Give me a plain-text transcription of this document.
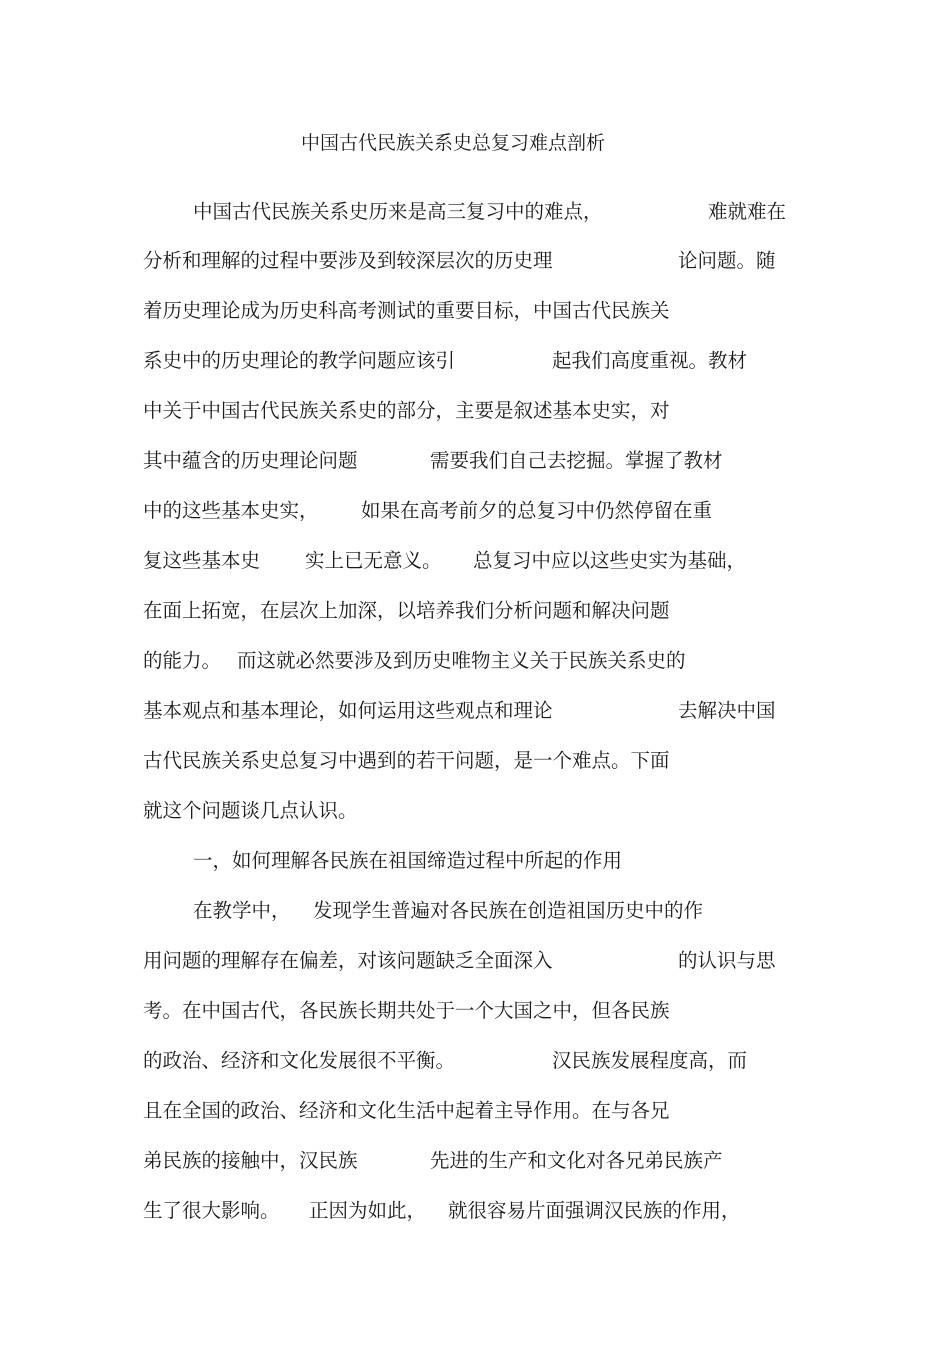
中国古代民族关系史总复习难点剖析
中国古代民族关系史历来是高三复习中的难点，	难就难在
分析和理解的过程中要涉及到较深层次的历史理	论问题。随
着历史理论成为历史科高考测试的重要目标，中国古代民族关
系史中的历史理论的教学问题应该引	起我们高度重视。教材
中关于中国古代民族关系史的部分，主要是叙述基本史实，对
其中蕴含的历史理论问题	需要我们自己去挖掘。掌握了教材
中的这些基本史实， 如果在高考前夕的总复习中仍然停留在重
复这些基本史 实上已无意义。 总复习中应以这些史实为基础，
在面上拓宽，在层次上加深，以培养我们分析问题和解决问题
的能力。 而这就必然要涉及到历史唯物主义关于民族关系史的
基本观点和基本理论，如何运用这些观点和理论	去解决中国
古代民族关系史总复习中遇到的若干问题，是一个难点。下面
就这个问题谈几点认识。
一，如何理解各民族在祖国缔造过程中所起的作用
在教学中， 发现学生普遍对各民族在创造祖国历史中的作
用问题的理解存在偏差，对该问题缺乏全面深入	的认识与思
考。在中国古代，各民族长期共处于一个大国之中，但各民族
的政治、经济和文化发展很不平衡。	汉民族发展程度高，而
且在全国的政治、经济和文化生活中起着主导作用。在与各兄
弟民族的接触中，汉民族	先进的生产和文化对各兄弟民族产
生了很大影响。 正因为如此， 就很容易片面强调汉民族的作用，
